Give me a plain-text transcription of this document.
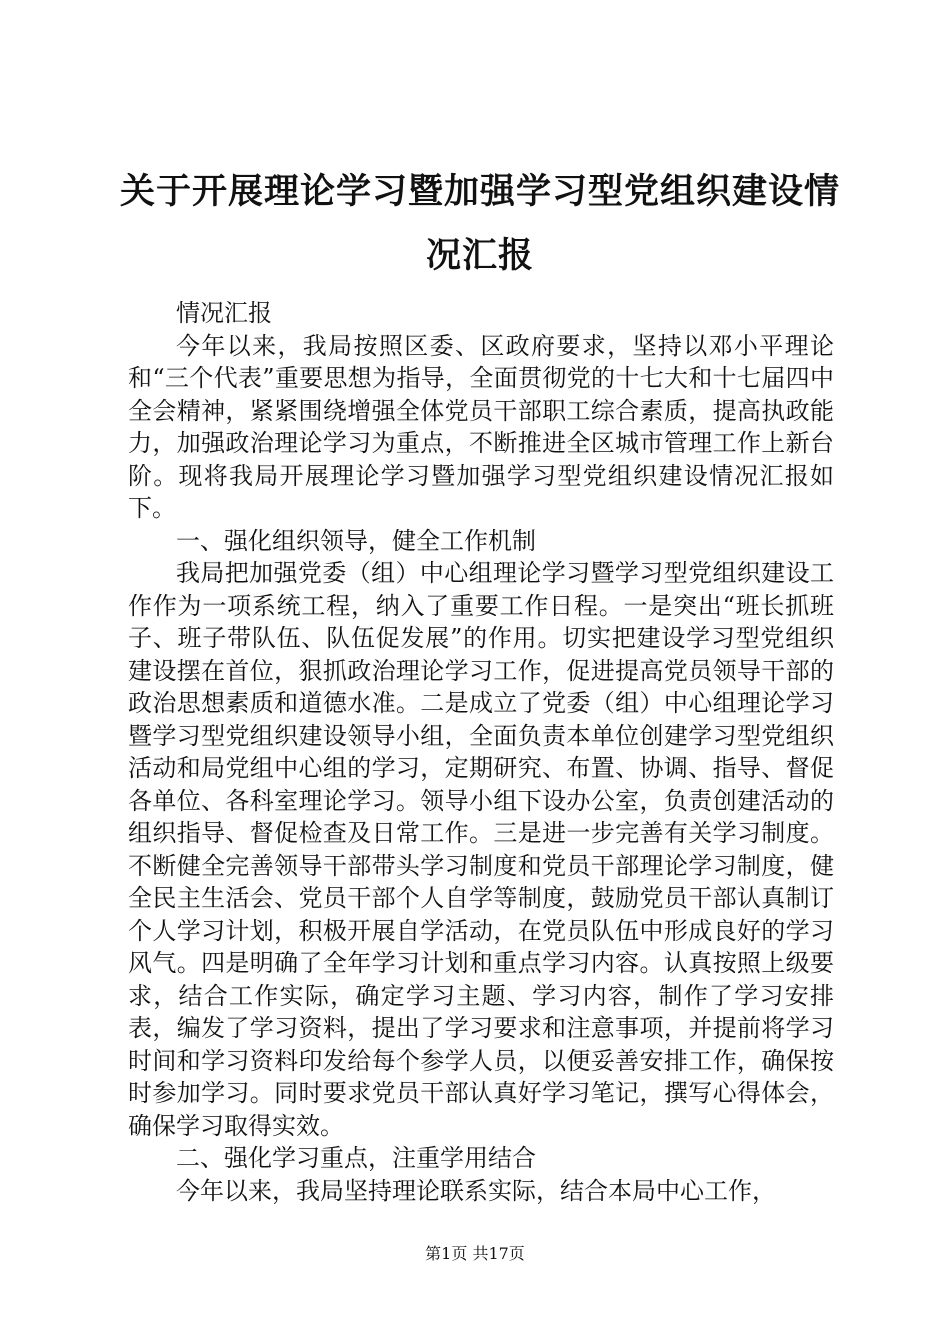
关于开展理论学习暨加强学习型党组织建设情况汇报

情况汇报

今年以来，我局按照区委、区政府要求，坚持以邓小平理论和“三个代表”重要思想为指导，全面贯彻党的十七大和十七届四中全会精神，紧紧围绕增强全体党员干部职工综合素质，提高执政能力，加强政治理论学习为重点，不断推进全区城市管理工作上新台阶。现将我局开展理论学习暨加强学习型党组织建设情况汇报如下。

一、强化组织领导，健全工作机制

我局把加强党委（组）中心组理论学习暨学习型党组织建设工作作为一项系统工程，纳入了重要工作日程。一是突出“班长抓班子、班子带队伍、队伍促发展”的作用。切实把建设学习型党组织建设摆在首位，狠抓政治理论学习工作，促进提高党员领导干部的政治思想素质和道德水准。二是成立了党委（组）中心组理论学习暨学习型党组织建设领导小组，全面负责本单位创建学习型党组织活动和局党组中心组的学习，定期研究、布置、协调、指导、督促各单位、各科室理论学习。领导小组下设办公室，负责创建活动的组织指导、督促检查及日常工作。三是进一步完善有关学习制度。不断健全完善领导干部带头学习制度和党员干部理论学习制度，健全民主生活会、党员干部个人自学等制度，鼓励党员干部认真制订个人学习计划，积极开展自学活动，在党员队伍中形成良好的学习风气。四是明确了全年学习计划和重点学习内容。认真按照上级要求，结合工作实际，确定学习主题、学习内容，制作了学习安排表，编发了学习资料，提出了学习要求和注意事项，并提前将学习时间和学习资料印发给每个参学人员，以便妥善安排工作，确保按时参加学习。同时要求党员干部认真好学习笔记，撰写心得体会，确保学习取得实效。

二、强化学习重点，注重学用结合

今年以来，我局坚持理论联系实际，结合本局中心工作，

第1页 共17页
